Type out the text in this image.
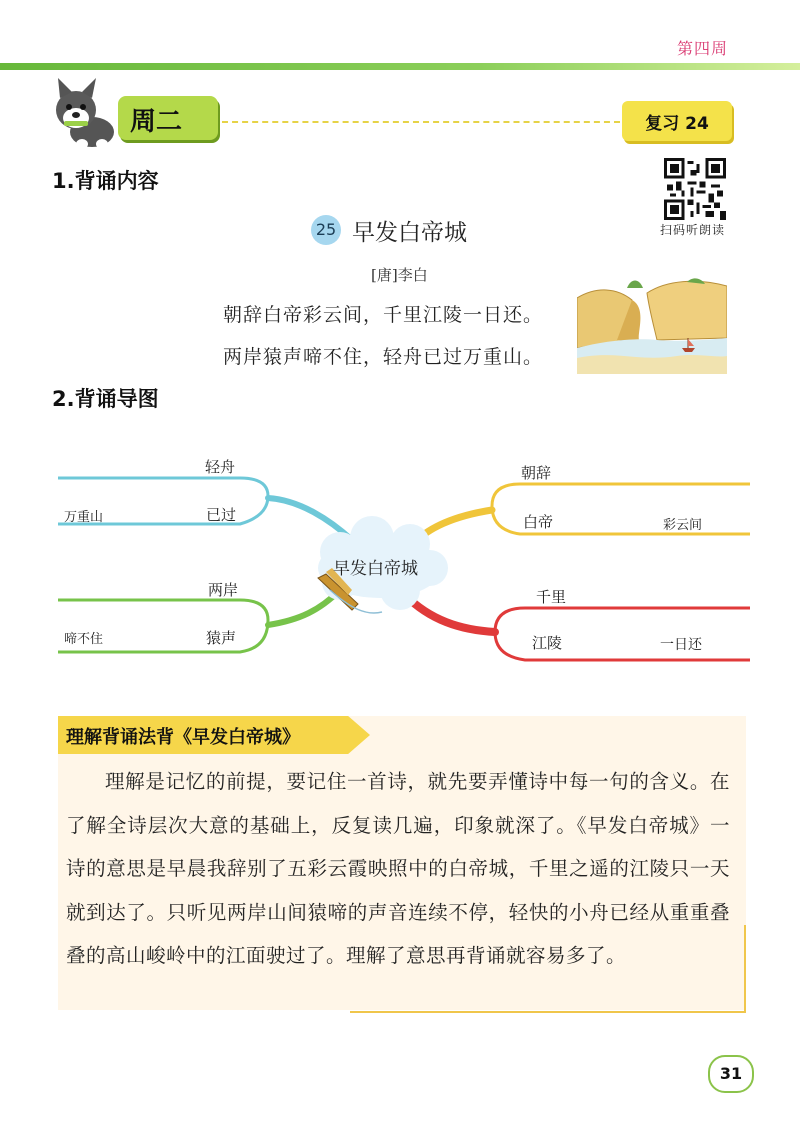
第四周
周二	复习 24
1.背诵内容
扫码听朗读
25 早发白帝城
[唐]李白
朝辞白帝彩云间，千里江陵一日还。
两岸猿声啼不住，轻舟已过万重山。
2.背诵导图
轻舟
已过
万重山
两岸
猿声
啼不住
朝辞
白帝	彩云间
千里
江陵	一日还
早发白帝城
理解背诵法背《早发白帝城》

理解是记忆的前提，要记住一首诗，就先要弄懂诗中每一句的含义。在了解全诗层次大意的基础上，反复读几遍，印象就深了。《早发白帝城》一诗的意思是早晨我辞别了五彩云霞映照中的白帝城，千里之遥的江陵只一天就到达了。只听见两岸山间猿啼的声音连续不停，轻快的小舟已经从重重叠叠的高山峻岭中的江面驶过了。理解了意思再背诵就容易多了。

31
